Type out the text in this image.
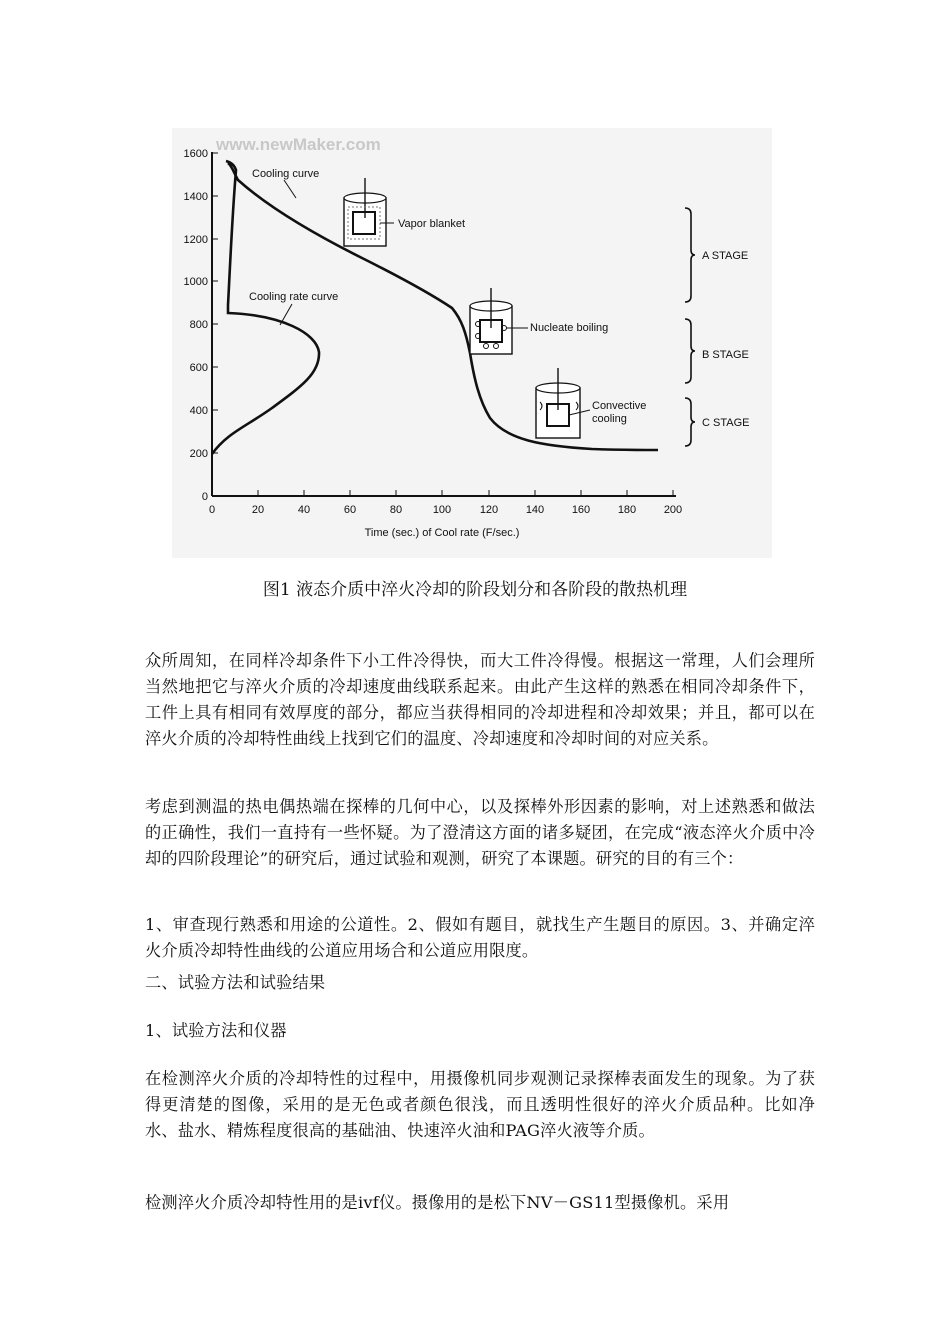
www.newMaker.com
1600
1400
1200
1000
800
600
400
200
0
0	20	40	60	80	100	120	140	160	180	200
Time (sec.) of Cool rate (F/sec.)
Cooling curve
Cooling rate curve
Vapor blanket
Nucleate boiling
Convective
cooling
A STAGE
B STAGE
C STAGE
图1 液态介质中淬火冷却的阶段划分和各阶段的散热机理

众所周知，在同样冷却条件下小工件冷得快，而大工件冷得慢。根据这一常理，人们会理所当然地把它与淬火介质的冷却速度曲线联系起来。由此产生这样的熟悉在相同冷却条件下，工件上具有相同有效厚度的部分，都应当获得相同的冷却进程和冷却效果；并且，都可以在淬火介质的冷却特性曲线上找到它们的温度、冷却速度和冷却时间的对应关系。

考虑到测温的热电偶热端在探棒的几何中心，以及探棒外形因素的影响，对上述熟悉和做法的正确性，我们一直持有一些怀疑。为了澄清这方面的诸多疑团，在完成“液态淬火介质中冷却的四阶段理论”的研究后，通过试验和观测，研究了本课题。研究的目的有三个：

1、审查现行熟悉和用途的公道性。2、假如有题目，就找生产生题目的原因。3、并确定淬火介质冷却特性曲线的公道应用场合和公道应用限度。

二、试验方法和试验结果

1、试验方法和仪器

在检测淬火介质的冷却特性的过程中，用摄像机同步观测记录探棒表面发生的现象。为了获得更清楚的图像，采用的是无色或者颜色很浅，而且透明性很好的淬火介质品种。比如净水、盐水、精炼程度很高的基础油、快速淬火油和PAG淬火液等介质。

检测淬火介质冷却特性用的是ivf仪。摄像用的是松下NV－GS11型摄像机。采用
